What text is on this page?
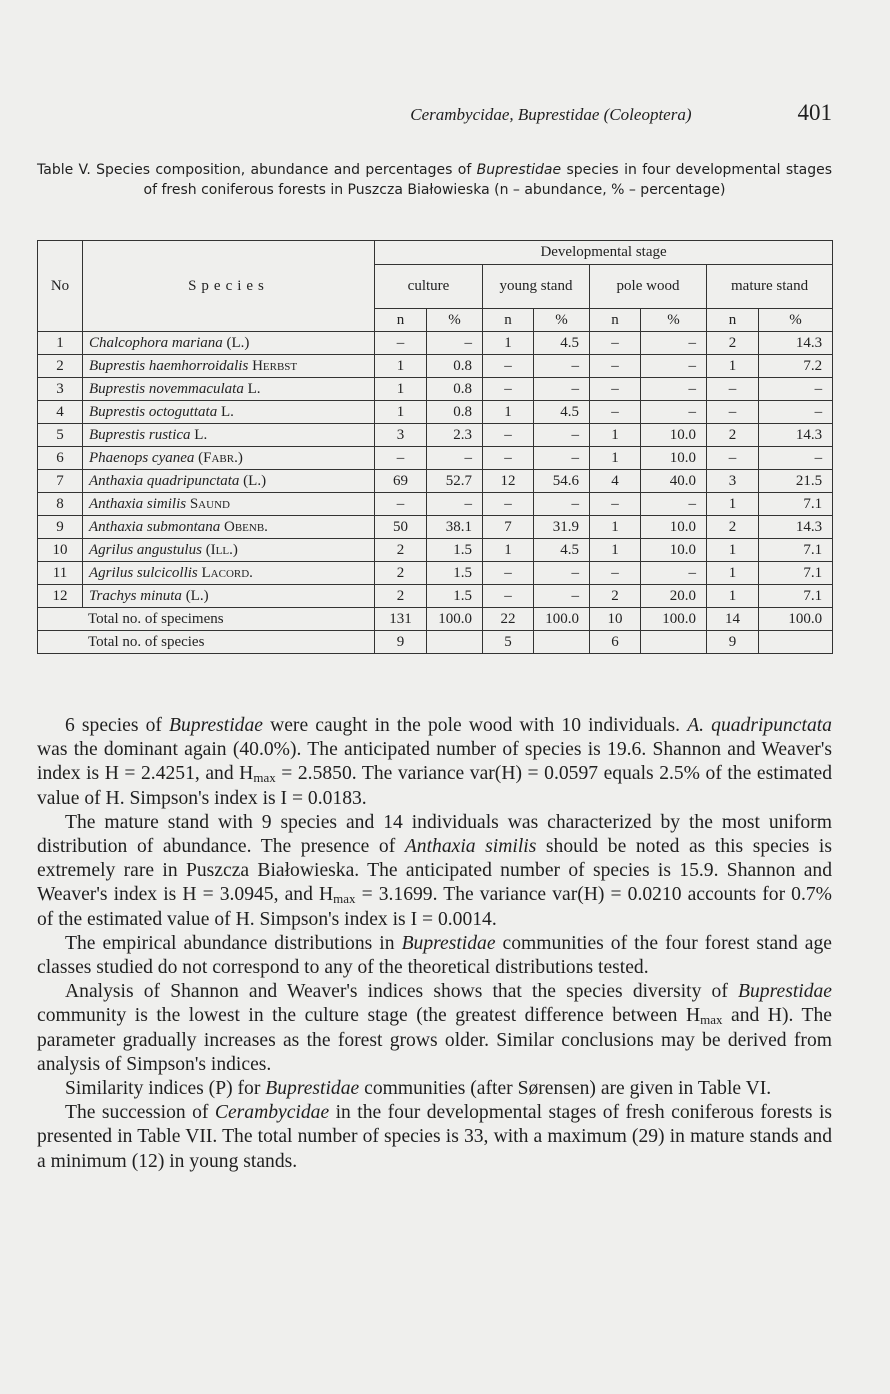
Cerambycidae, Buprestidae (Coleoptera)	401
Table V. Species composition, abundance and percentages of Buprestidae species in four developmental stages of fresh coniferous forests in Puszcza Białowieska (n – abundance, % – percentage)
No	Species	Developmental stage							
		culture		young stand		pole wood		mature stand	
		n	%	n	%	n	%	n	%
1	Chalcophora mariana (L.)	–	–	1	4.5	–	–	2	14.3
2	Buprestis haemhorroidalis Herbst	1	0.8	–	–	–	–	1	7.2
3	Buprestis novemmaculata L.	1	0.8	–	–	–	–	–	–
4	Buprestis octoguttata L.	1	0.8	1	4.5	–	–	–	–
5	Buprestis rustica L.	3	2.3	–	–	1	10.0	2	14.3
6	Phaenops cyanea (Fabr.)	–	–	–	–	1	10.0	–	–
7	Anthaxia quadripunctata (L.)	69	52.7	12	54.6	4	40.0	3	21.5
8	Anthaxia similis Saund	–	–	–	–	–	–	1	7.1
9	Anthaxia submontana Obenb.	50	38.1	7	31.9	1	10.0	2	14.3
10	Agrilus angustulus (Ill.)	2	1.5	1	4.5	1	10.0	1	7.1
11	Agrilus sulcicollis Lacord.	2	1.5	–	–	–	–	1	7.1
12	Trachys minuta (L.)	2	1.5	–	–	2	20.0	1	7.1
Total no. of specimens		131	100.0	22	100.0	10	100.0	14	100.0
Total no. of species		9		5		6		9	

6 species of Buprestidae were caught in the pole wood with 10 individuals. A. quadripunctata was the dominant again (40.0%). The anticipated number of species is 19.6. Shannon and Weaver's index is H = 2.4251, and $H_{max} = 2.5850$. The variance var(H) = 0.0597 equals 2.5% of the estimated value of H. Simpson's index is I = 0.0183.

The mature stand with 9 species and 14 individuals was characterized by the most uniform distribution of abundance. The presence of Anthaxia similis should be noted as this species is extremely rare in Puszcza Białowieska. The anticipated number of species is 15.9. Shannon and Weaver's index is H = 3.0945, and $H_{max} = 3.1699$. The variance var(H) = 0.0210 accounts for 0.7% of the estimated value of H. Simpson's index is I = 0.0014.

The empirical abundance distributions in Buprestidae communities of the four forest stand age classes studied do not correspond to any of the theoretical distributions tested.

Analysis of Shannon and Weaver's indices shows that the species diversity of Buprestidae community is the lowest in the culture stage (the greatest difference between $H_{max}$ and H). The parameter gradually increases as the forest grows older. Similar conclusions may be derived from analysis of Simpson's indices.

Similarity indices (P) for Buprestidae communities (after Sørensen) are given in Table VI.

The succession of Cerambycidae in the four developmental stages of fresh coniferous forests is presented in Table VII. The total number of species is 33, with a maximum (29) in mature stands and a minimum (12) in young stands.
